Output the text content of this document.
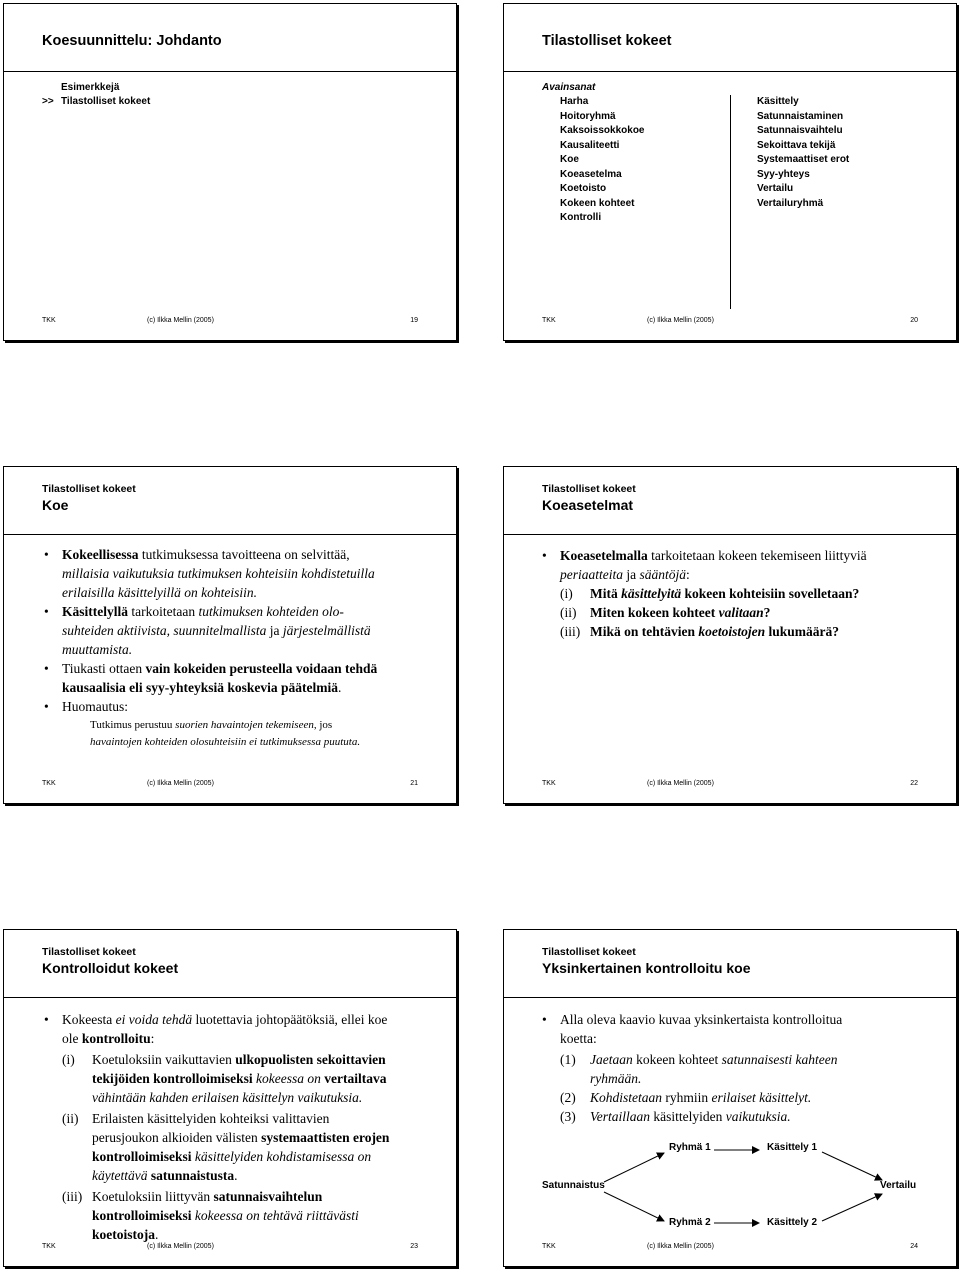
Koesuunnittelu: Johdanto
Esimerkkejä
>> Tilastolliset kokeet
TKK	(c) Ilkka Mellin (2005)	19
Tilastolliset kokeet
Avainsanat
Harha
Hoitoryhmä
Kaksoissokkokoe
Kausaliteetti
Koe
Koeasetelma
Koetoisto
Kokeen kohteet
Kontrolli
Käsittely
Satunnaistaminen
Satunnaisvaihtelu
Sekoittava tekijä
Systemaattiset erot
Syy-yhteys
Vertailu
Vertailuryhmä
TKK	(c) Ilkka Mellin (2005)	20
Tilastolliset kokeet
Koe
• Kokeellisessa tutkimuksessa tavoitteena on selvittää,
millaisia vaikutuksia tutkimuksen kohteisiin kohdistetuilla
erilaisilla käsittelyillä on kohteisiin.
• Käsittelyllä tarkoitetaan tutkimuksen kohteiden olo-
suhteiden aktiivista, suunnitelmallista ja järjestelmällistä
muuttamista.
• Tiukasti ottaen vain kokeiden perusteella voidaan tehdä
kausaalisia eli syy-yhteyksiä koskevia päätelmiä.
• Huomautus:
Tutkimus perustuu suorien havaintojen tekemiseen, jos
havaintojen kohteiden olosuhteisiin ei tutkimuksessa puututa.
TKK	(c) Ilkka Mellin (2005)	21
Tilastolliset kokeet
Koeasetelmat
• Koeasetelmalla tarkoitetaan kokeen tekemiseen liittyviä
periaatteita ja sääntöjä:
(i)	Mitä käsittelyitä kokeen kohteisiin sovelletaan?
(ii)	Miten kokeen kohteet valitaan?
(iii) Mikä on tehtävien koetoistojen lukumäärä?
TKK	(c) Ilkka Mellin (2005)	22
Tilastolliset kokeet
Kontrolloidut kokeet
• Kokeesta ei voida tehdä luotettavia johtopäätöksiä, ellei koe
ole kontrolloitu:
(i)	Koetuloksiin vaikuttavien ulkopuolisten sekoittavien
tekijöiden kontrolloimiseksi kokeessa on vertailtava
vähintään kahden erilaisen käsittelyn vaikutuksia.
(ii)	Erilaisten käsittelyiden kohteiksi valittavien
perusjoukon alkioiden välisten systemaattisten erojen
kontrolloimiseksi käsittelyiden kohdistamisessa on
käytettävä satunnaistusta.
(iii) Koetuloksiin liittyvän satunnaisvaihtelun
kontrolloimiseksi kokeessa on tehtävä riittävästi
koetoistoja.
TKK	(c) Ilkka Mellin (2005)	23
Tilastolliset kokeet
Yksinkertainen kontrolloitu koe
• Alla oleva kaavio kuvaa yksinkertaista kontrolloitua
koetta:
(1)	Jaetaan kokeen kohteet satunnaisesti kahteen
ryhmään.
(2)	Kohdistetaan ryhmiin erilaiset käsittelyt.
(3)	Vertaillaan käsittelyiden vaikutuksia.
Satunnaistus
Ryhmä 1	Käsittely 1
Ryhmä 2	Käsittely 2
Vertailu
TKK	(c) Ilkka Mellin (2005)	24
